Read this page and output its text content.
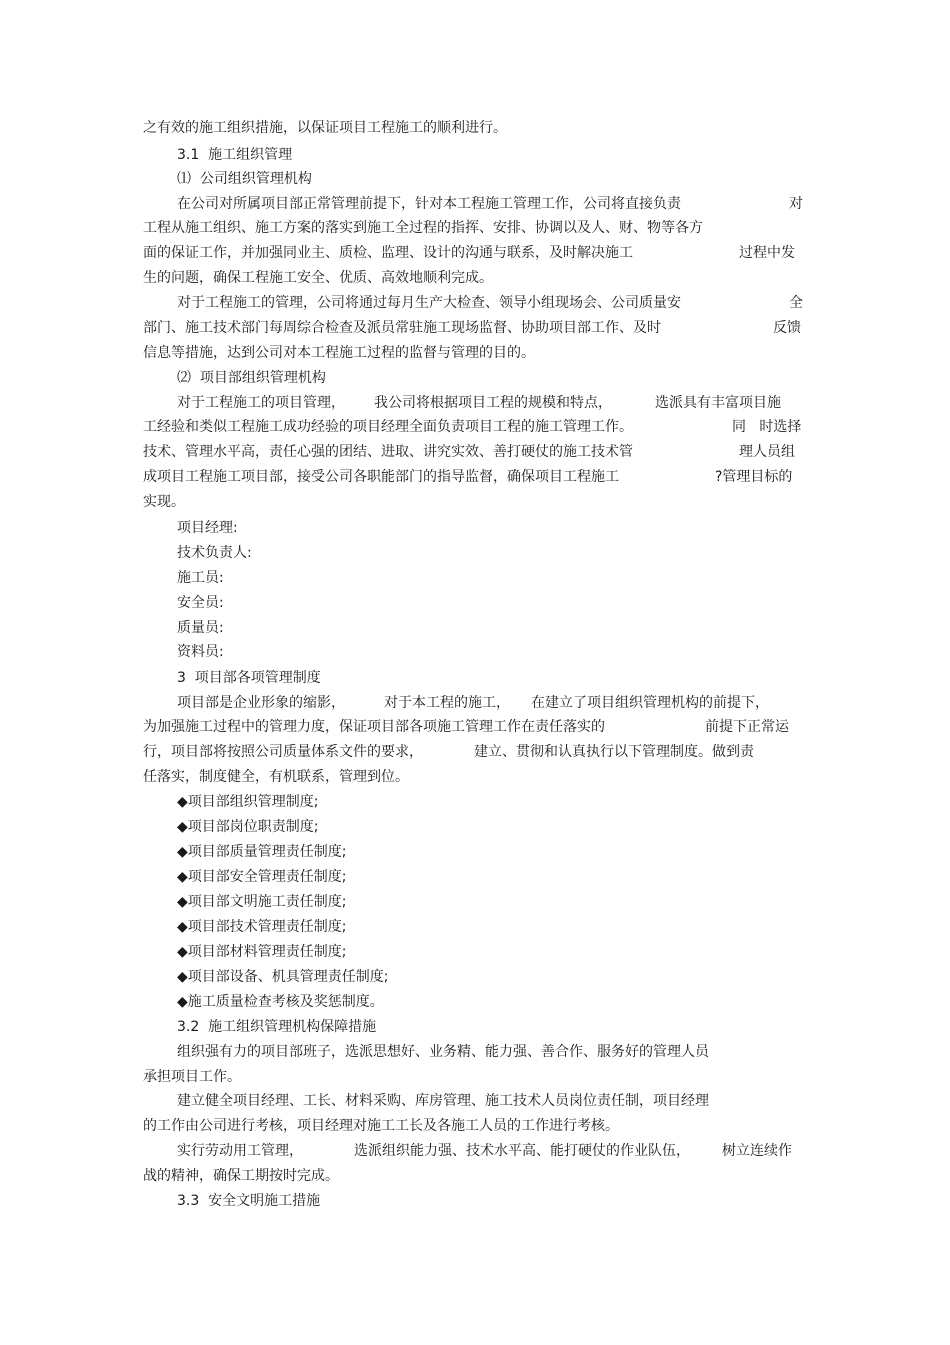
之有效的施工组织措施，以保证项目工程施工的顺利进行。
3.1  施工组织管理
⑴  公司组织管理机构
在公司对所属项目部正常管理前提下，针对本工程施工管理工作，公司将直接负责	对
工程从施工组织、施工方案的落实到施工全过程的指挥、安排、协调以及人、财、物等各方
面的保证工作，并加强同业主、质检、监理、设计的沟通与联系，及时解决施工	过程中发
生的问题，确保工程施工安全、优质、高效地顺利完成。
对于工程施工的管理，公司将通过每月生产大检查、领导小组现场会、公司质量安	全
部门、施工技术部门每周综合检查及派员常驻施工现场监督、协助项目部工作、及时	反馈
信息等措施，达到公司对本工程施工过程的监督与管理的目的。
⑵  项目部组织管理机构
对于工程施工的项目管理， 我公司将根据项目工程的规模和特点，	选派具有丰富项目施
工经验和类似工程施工成功经验的项目经理全面负责项目工程的施工管理工作。	同   时选择
技术、管理水平高，责任心强的团结、进取、讲究实效、善打硬仗的施工技术管	理人员组
成项目工程施工项目部，接受公司各职能部门的指导监督，确保项目工程施工	?管理目标的
实现。
项目经理:
技术负责人:
施工员:
安全员:
质量员:
资料员:
3  项目部各项管理制度
项目部是企业形象的缩影，	对于本工程的施工， 在建立了项目组织管理机构的前提下，
为加强施工过程中的管理力度，保证项目部各项施工管理工作在责任落实的	前提下正常运
行，项目部将按照公司质量体系文件的要求，	建立、贯彻和认真执行以下管理制度。做到责
任落实，制度健全，有机联系，管理到位。
◆项目部组织管理制度;
◆项目部岗位职责制度;
◆项目部质量管理责任制度;
◆项目部安全管理责任制度;
◆项目部文明施工责任制度;
◆项目部技术管理责任制度;
◆项目部材料管理责任制度;
◆项目部设备、机具管理责任制度;
◆施工质量检查考核及奖惩制度。
3.2  施工组织管理机构保障措施
组织强有力的项目部班子，选派思想好、业务精、能力强、善合作、服务好的管理人员
承担项目工作。
建立健全项目经理、工长、材料采购、库房管理、施工技术人员岗位责任制，项目经理
的工作由公司进行考核，项目经理对施工工长及各施工人员的工作进行考核。
实行劳动用工管理，	选派组织能力强、技术水平高、能打硬仗的作业队伍， 树立连续作
战的精神，确保工期按时完成。
3.3  安全文明施工措施
